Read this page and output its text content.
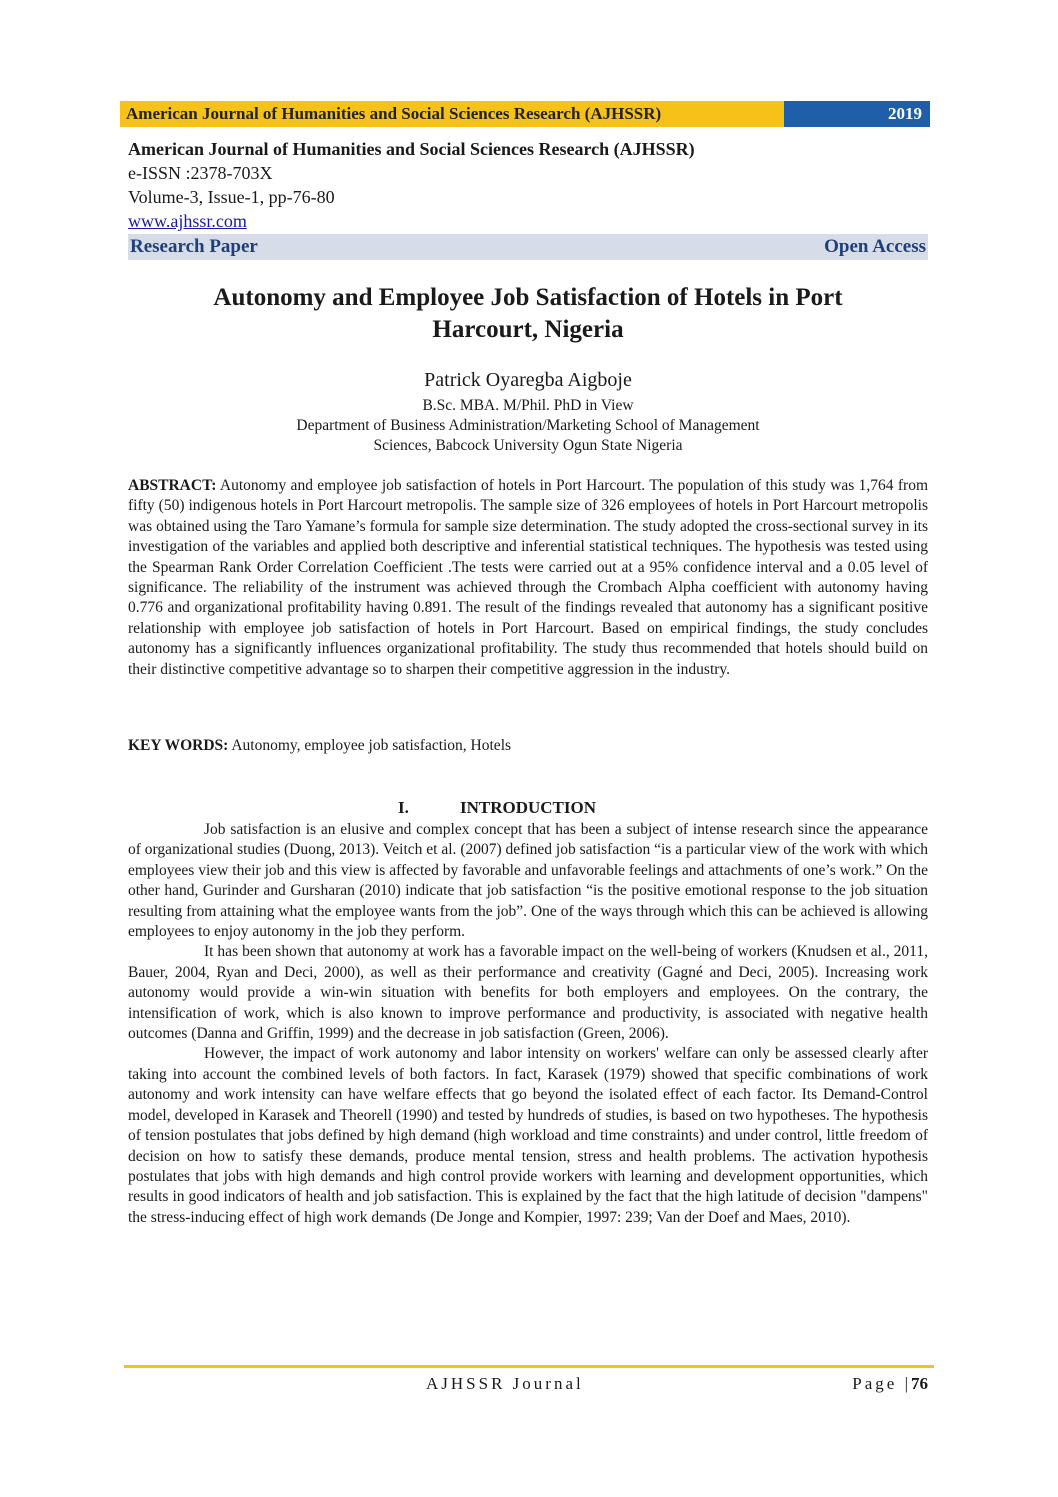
American Journal of Humanities and Social Sciences Research (AJHSSR)	2019
American Journal of Humanities and Social Sciences Research (AJHSSR)
e-ISSN :2378-703X
Volume-3, Issue-1, pp-76-80
www.ajhssr.com
Research Paper	Open Access
Autonomy and Employee Job Satisfaction of Hotels in Port
Harcourt, Nigeria
Patrick Oyaregba Aigboje
B.Sc. MBA. M/Phil. PhD in View
Department of Business Administration/Marketing School of Management
Sciences, Babcock University Ogun State Nigeria
ABSTRACT: Autonomy and employee job satisfaction of hotels in Port Harcourt. The population of this study was 1,764 from fifty (50) indigenous hotels in Port Harcourt metropolis. The sample size of 326 employees of hotels in Port Harcourt metropolis was obtained using the Taro Yamane’s formula for sample size determination. The study adopted the cross-sectional survey in its investigation of the variables and applied both descriptive and inferential statistical techniques. The hypothesis was tested using the Spearman Rank Order Correlation Coefficient .The tests were carried out at a 95% confidence interval and a 0.05 level of significance. The reliability of the instrument was achieved through the Crombach Alpha coefficient with autonomy having 0.776 and organizational profitability having 0.891. The result of the findings revealed that autonomy has a significant positive relationship with employee job satisfaction of hotels in Port Harcourt. Based on empirical findings, the study concludes autonomy has a significantly influences organizational profitability. The study thus recommended that hotels should build on their distinctive competitive advantage so to sharpen their competitive aggression in the industry.
KEY WORDS: Autonomy, employee job satisfaction, Hotels
I.	INTRODUCTION

Job satisfaction is an elusive and complex concept that has been a subject of intense research since the appearance of organizational studies (Duong, 2013). Veitch et al. (2007) defined job satisfaction “is a particular view of the work with which employees view their job and this view is affected by favorable and unfavorable feelings and attachments of one’s work.” On the other hand, Gurinder and Gursharan (2010) indicate that job satisfaction “is the positive emotional response to the job situation resulting from attaining what the employee wants from the job”. One of the ways through which this can be achieved is allowing employees to enjoy autonomy in the job they perform.

It has been shown that autonomy at work has a favorable impact on the well-being of workers (Knudsen et al., 2011, Bauer, 2004, Ryan and Deci, 2000), as well as their performance and creativity (Gagné and Deci, 2005). Increasing work autonomy would provide a win-win situation with benefits for both employers and employees. On the contrary, the intensification of work, which is also known to improve performance and productivity, is associated with negative health outcomes (Danna and Griffin, 1999) and the decrease in job satisfaction (Green, 2006).

However, the impact of work autonomy and labor intensity on workers' welfare can only be assessed clearly after taking into account the combined levels of both factors. In fact, Karasek (1979) showed that specific combinations of work autonomy and work intensity can have welfare effects that go beyond the isolated effect of each factor. Its Demand-Control model, developed in Karasek and Theorell (1990) and tested by hundreds of studies, is based on two hypotheses. The hypothesis of tension postulates that jobs defined by high demand (high workload and time constraints) and under control, little freedom of decision on how to satisfy these demands, produce mental tension, stress and health problems. The activation hypothesis postulates that jobs with high demands and high control provide workers with learning and development opportunities, which results in good indicators of health and job satisfaction. This is explained by the fact that the high latitude of decision "dampens" the stress-inducing effect of high work demands (De Jonge and Kompier, 1997: 239; Van der Doef and Maes, 2010).

AJHSSR Journal	Page |76
